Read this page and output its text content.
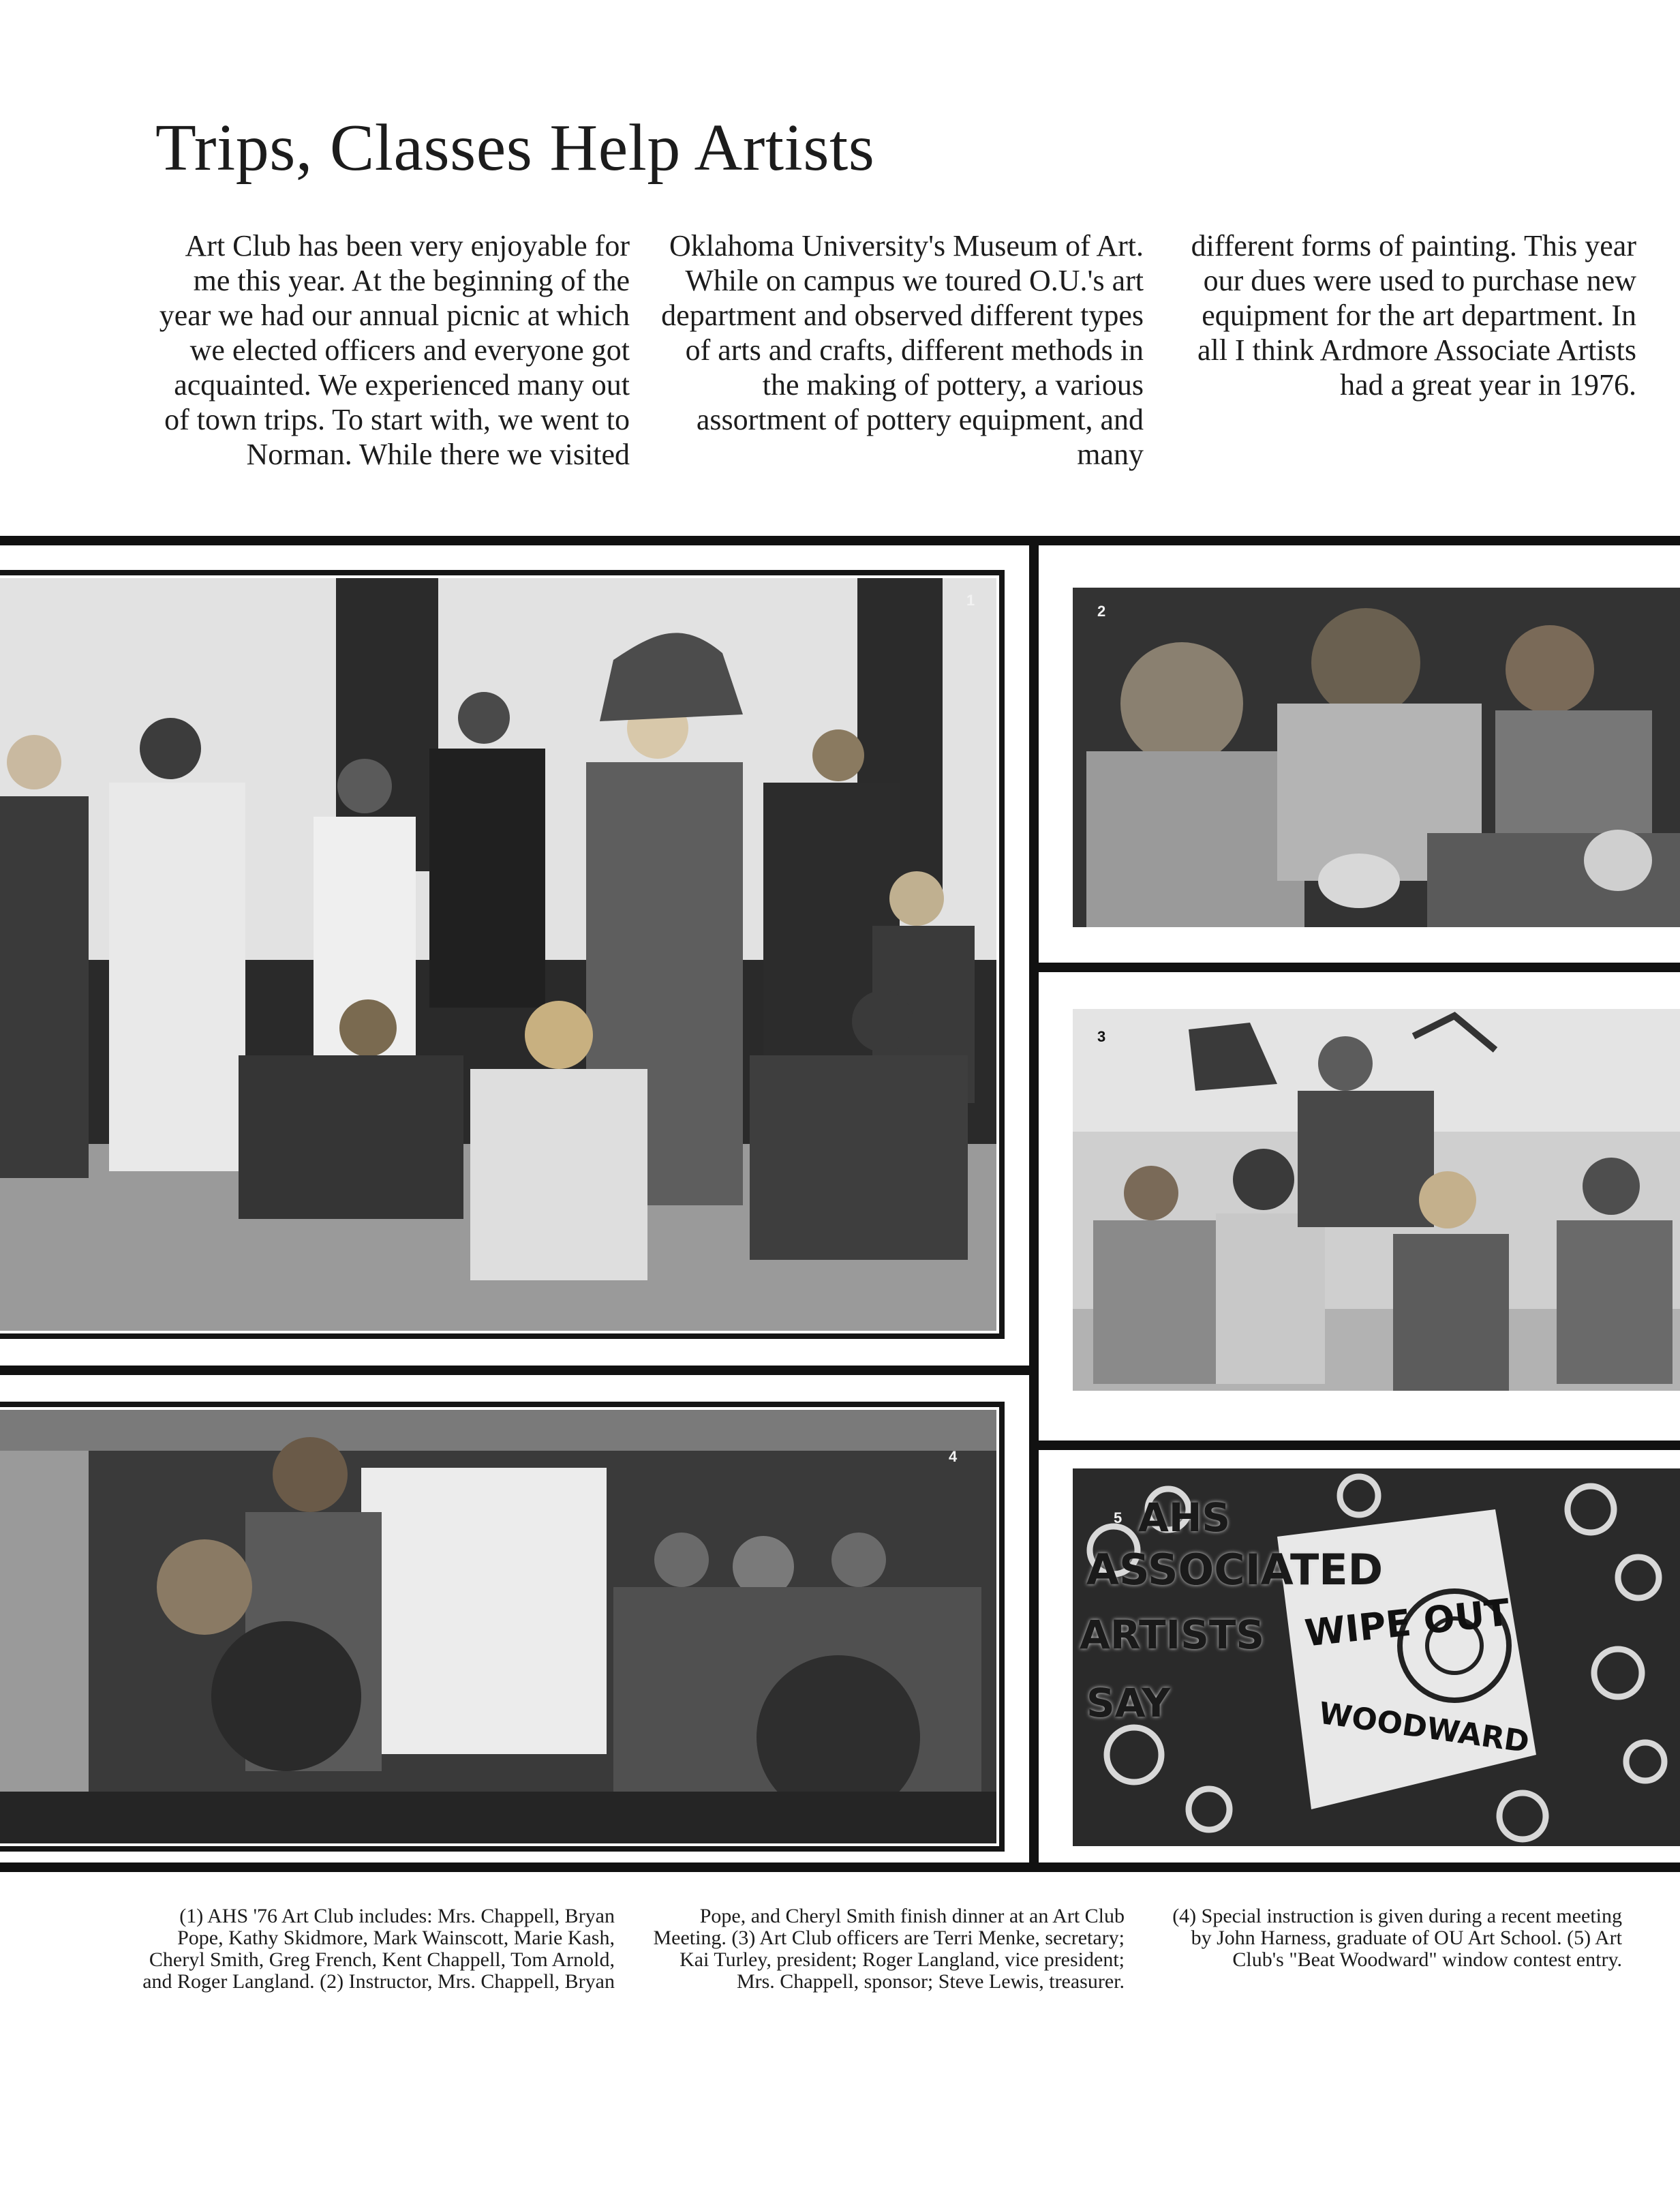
Trips, Classes Help Artists

Art Club has been very enjoyable for me this year. At the beginning of the year we had our annual picnic at which we elected officers and everyone got acquainted. We experienced many out of town trips. To start with, we went to Norman. While there we visited

Oklahoma University's Museum of Art. While on campus we toured O.U.'s art department and observed different types of arts and crafts, different methods in the making of pottery, a various assortment of pottery equipment, and many

different forms of painting. This year our dues were used to purchase new equipment for the art department. In all I think Ardmore Associate Artists had a great year in 1976.

1
2
3
4
5 AHS
ASSOCIATED
ARTISTS
SAY
WIPE OUT
WOODWARD

(1) AHS '76 Art Club includes: Mrs. Chappell, Bryan Pope, Kathy Skidmore, Mark Wainscott, Marie Kash, Cheryl Smith, Greg French, Kent Chappell, Tom Arnold, and Roger Langland. (2) Instructor, Mrs. Chappell, Bryan

Pope, and Cheryl Smith finish dinner at an Art Club Meeting. (3) Art Club officers are Terri Menke, secretary; Kai Turley, president; Roger Langland, vice president; Mrs. Chappell, sponsor; Steve Lewis, treasurer.

(4) Special instruction is given during a recent meeting by John Harness, graduate of OU Art School. (5) Art Club's "Beat Woodward" window contest entry.
